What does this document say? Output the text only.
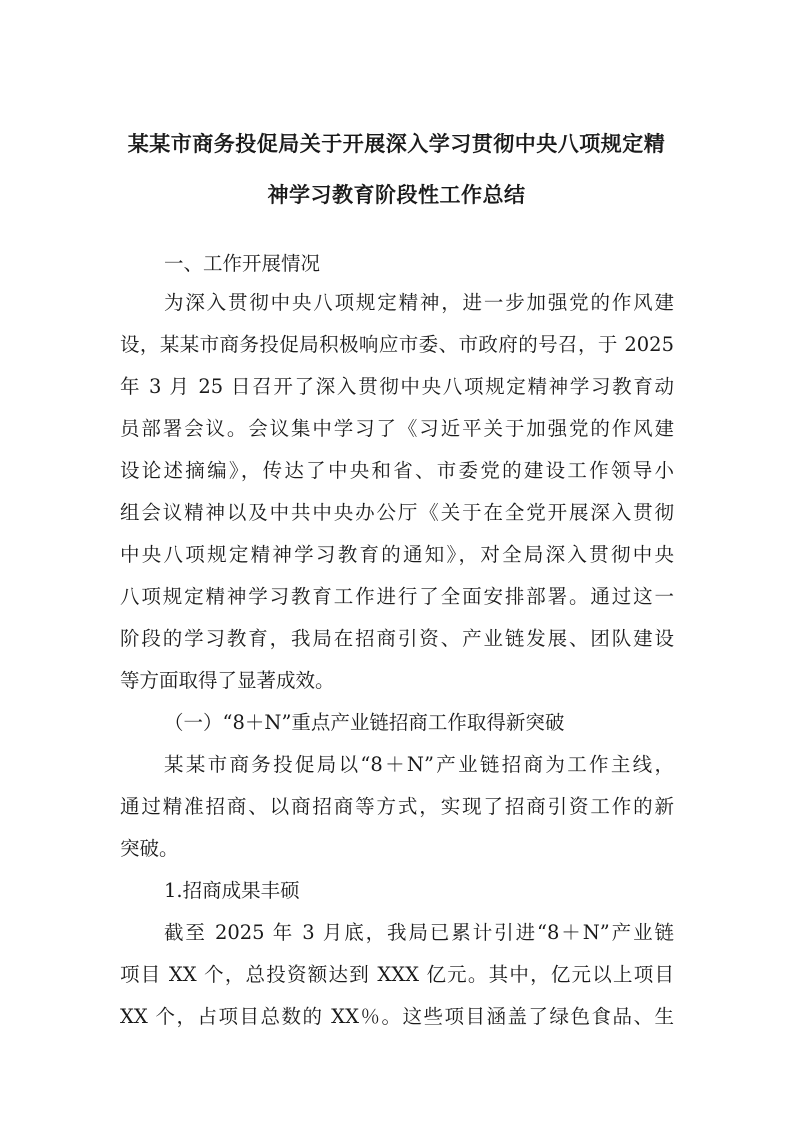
某某市商务投促局关于开展深入学习贯彻中央八项规定精
神学习教育阶段性工作总结
一、工作开展情况
为深入贯彻中央八项规定精神，进一步加强党的作风建
设，某某市商务投促局积极响应市委、市政府的号召，于 2025
年 3 月 25 日召开了深入贯彻中央八项规定精神学习教育动
员部署会议。会议集中学习了《习近平关于加强党的作风建
设论述摘编》，传达了中央和省、市委党的建设工作领导小
组会议精神以及中共中央办公厅《关于在全党开展深入贯彻
中央八项规定精神学习教育的通知》，对全局深入贯彻中央
八项规定精神学习教育工作进行了全面安排部署。通过这一
阶段的学习教育，我局在招商引资、产业链发展、团队建设
等方面取得了显著成效。
（一）“8＋N”重点产业链招商工作取得新突破
某某市商务投促局以“8＋N”产业链招商为工作主线，
通过精准招商、以商招商等方式，实现了招商引资工作的新
突破。
1.招商成果丰硕
截至 2025 年 3 月底，我局已累计引进“8＋N”产业链
项目 XX 个，总投资额达到 XXX 亿元。其中，亿元以上项目
XX 个，占项目总数的 XX％。这些项目涵盖了绿色食品、生
